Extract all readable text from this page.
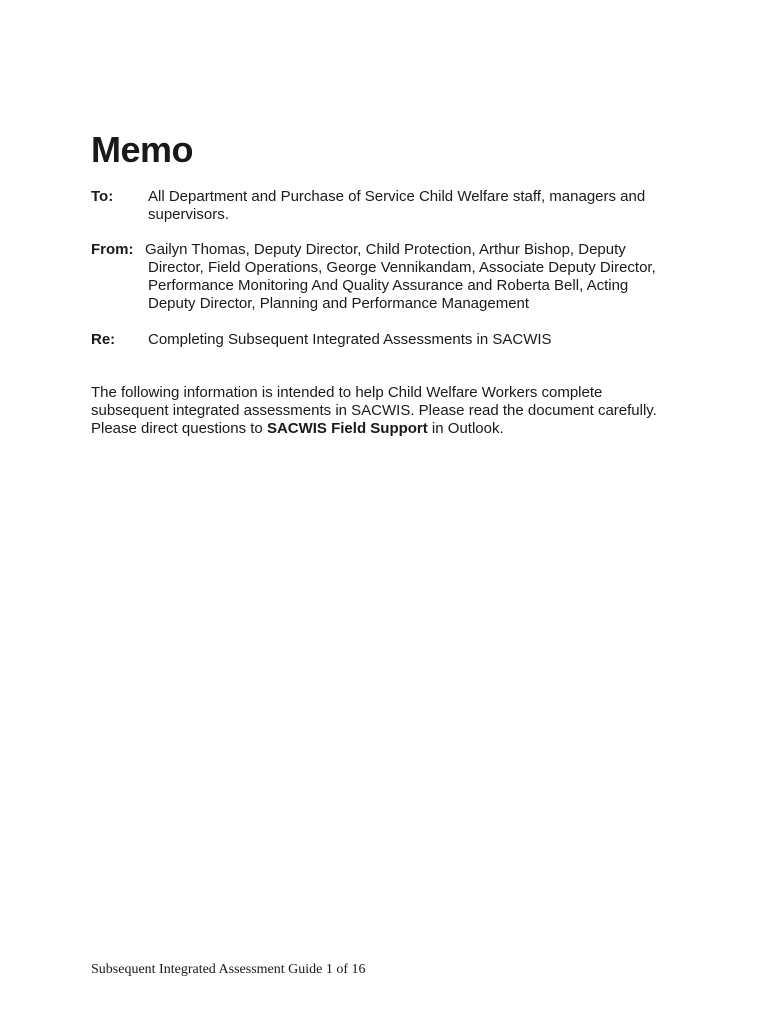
Memo
To: All Department and Purchase of Service Child Welfare staff, managers and
supervisors.
From: Gailyn Thomas, Deputy Director, Child Protection, Arthur Bishop, Deputy
Director, Field Operations, George Vennikandam, Associate Deputy Director,
Performance Monitoring And Quality Assurance and Roberta Bell, Acting
Deputy Director, Planning and Performance Management
Re: Completing Subsequent Integrated Assessments in SACWIS
The following information is intended to help Child Welfare Workers complete
subsequent integrated assessments in SACWIS. Please read the document carefully.
Please direct questions to SACWIS Field Support in Outlook.
Subsequent Integrated Assessment Guide 1 of 16
